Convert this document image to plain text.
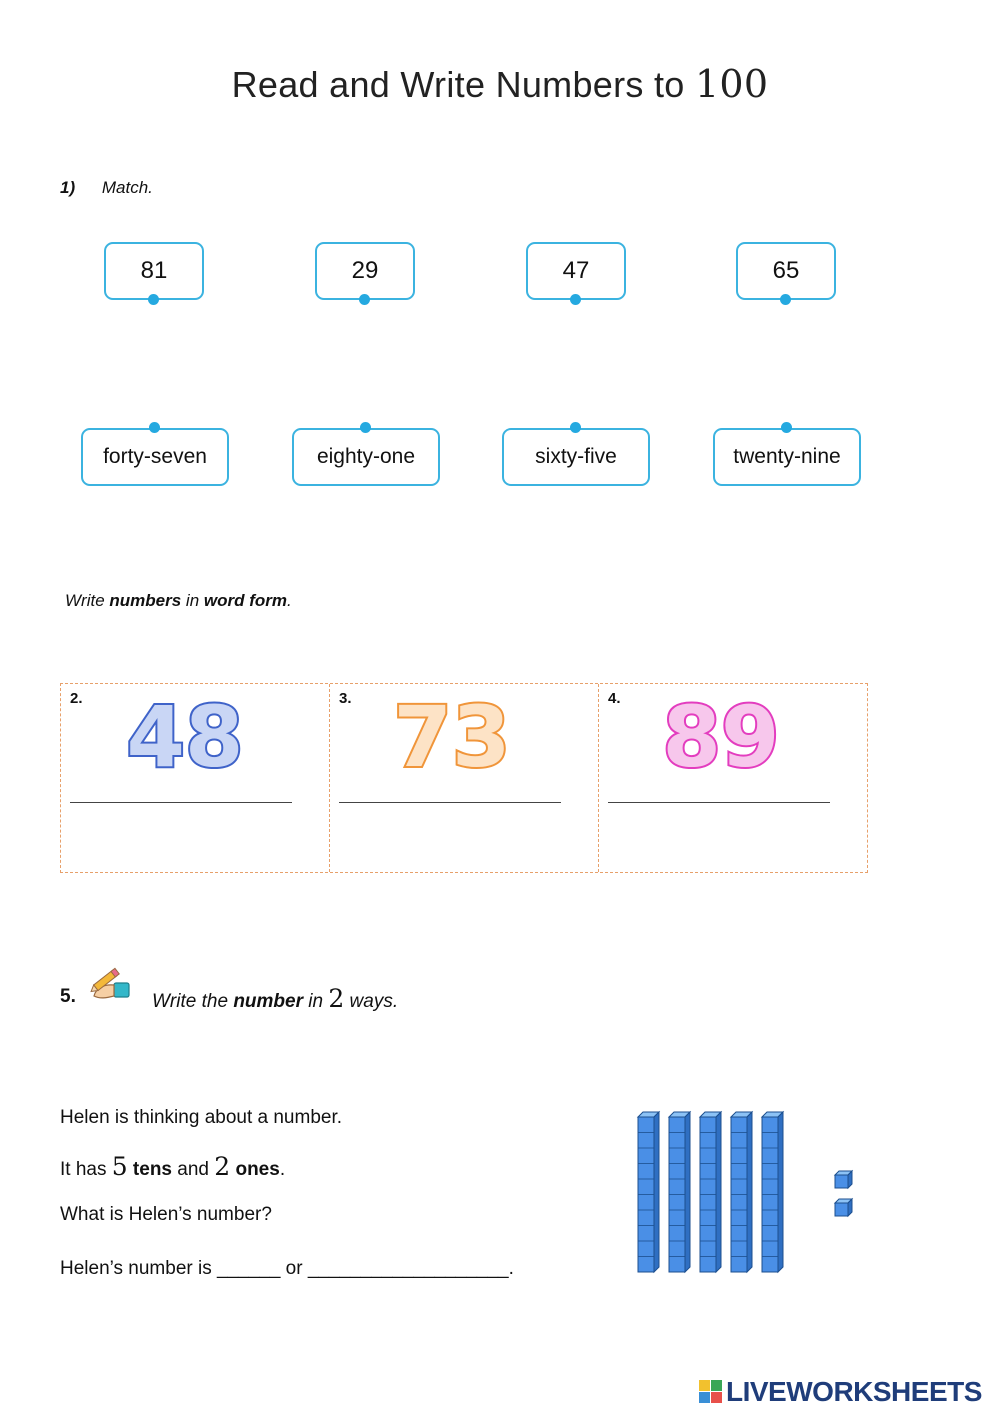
Read and Write Numbers to 100
1) Match.
81	29	47	65
forty-seven	eighty-one	sixty-five	twenty-nine
Write numbers in word form.
2. 48	3. 73	4. 89
5.	Write the number in 2 ways.
Helen is thinking about a number.
It has 5 tens and 2 ones.
What is Helen’s number?
Helen’s number is ______ or ___________________.
LIVEWORKSHEETS
